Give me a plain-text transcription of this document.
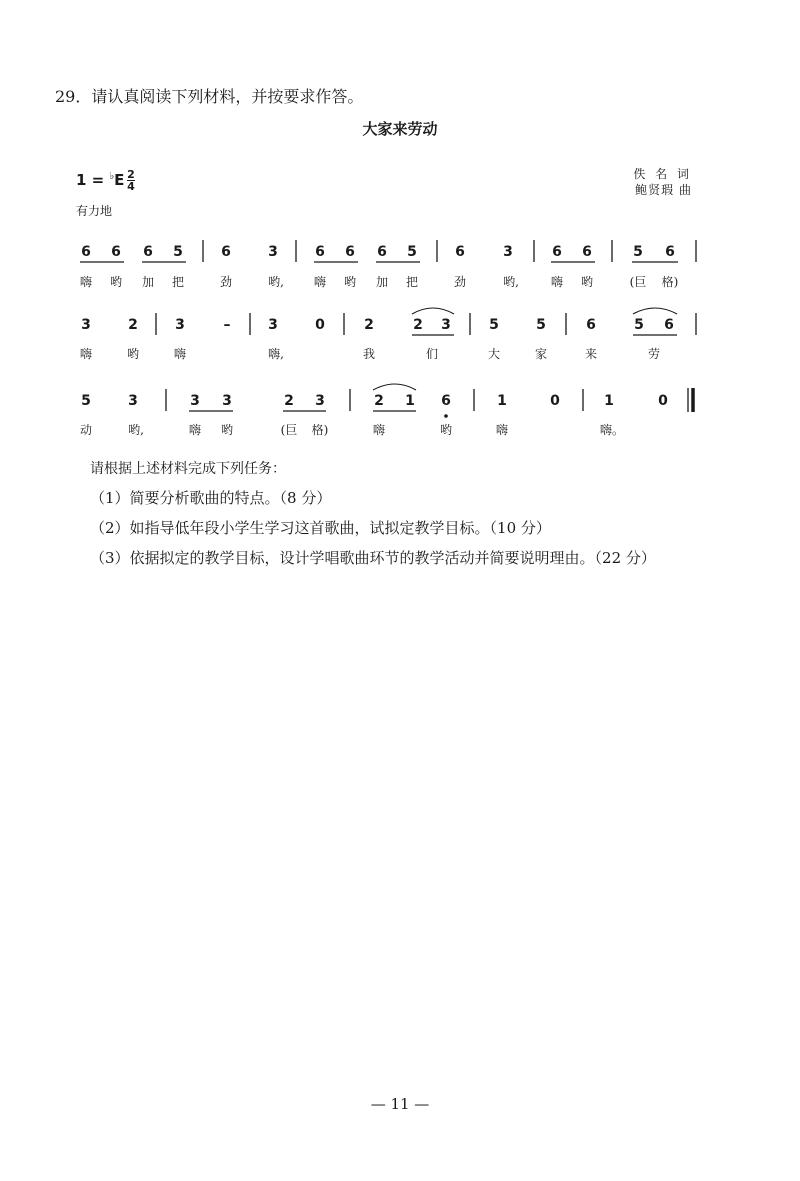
29．请认真阅读下列材料，并按要求作答。
大家来劳动
1 = ♭E 2
4
有力地
佚 名 词
鲍贤瑕 曲
6 6 6 5	6	3	6 6 6 5	6	3	6 6	5 6
嗨 哟 加 把	劲	哟,	嗨 哟 加 把	劲	哟,	嗨 哟	(巨 格)
3	2	3	–	3	0	2	2 3	5	5	6	5 6
嗨	哟	嗨	嗨,	我	们	大	家	来	劳
5	3	3 3	2 3	2 1 6	1	0	1	0
动	哟,	嗨 哟	(巨 格)	嗨	哟	嗨	嗨。
请根据上述材料完成下列任务：
（1）简要分析歌曲的特点。（8 分）
（2）如指导低年段小学生学习这首歌曲，试拟定教学目标。（10 分）
（3）依据拟定的教学目标，设计学唱歌曲环节的教学活动并简要说明理由。（22 分）
— 11 —
